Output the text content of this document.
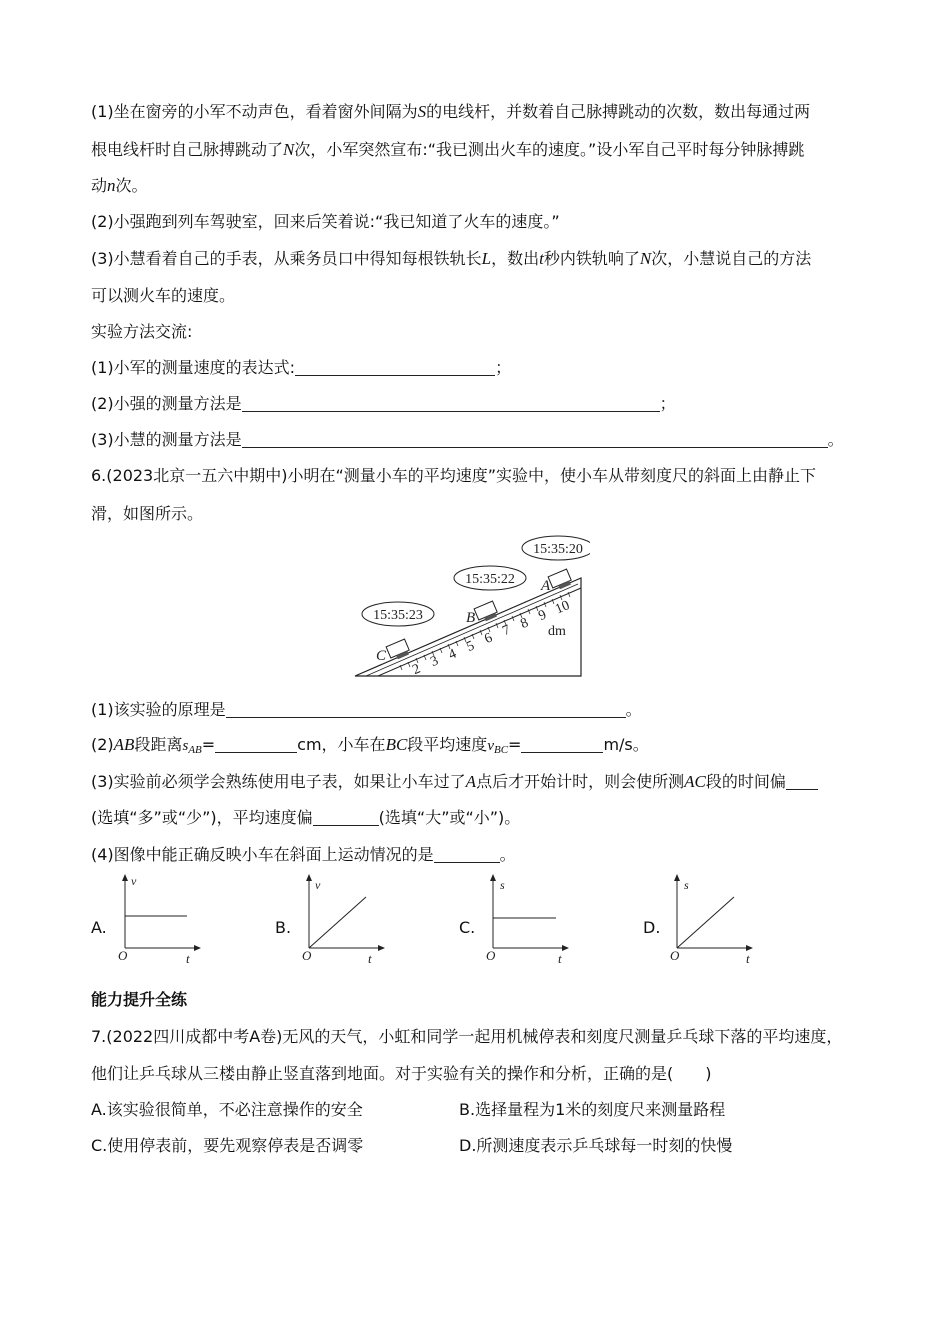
(1)坐在窗旁的小军不动声色，看着窗外间隔为S的电线杆，并数着自己脉搏跳动的次数，数出每通过两
根电线杆时自己脉搏跳动了N次，小军突然宣布:“我已测出火车的速度。”设小军自己平时每分钟脉搏跳
动n次。
(2)小强跑到列车驾驶室，回来后笑着说:“我已知道了火车的速度。”
(3)小慧看着自己的手表，从乘务员口中得知每根铁轨长L，数出t秒内铁轨响了N次，小慧说自己的方法
可以测火车的速度。
实验方法交流:
(1)小军的测量速度的表达式:	；
(2)小强的测量方法是	；
(3)小慧的测量方法是	。
6.(2023北京一五六中期中)小明在“测量小车的平均速度”实验中，使小车从带刻度尺的斜面上由静止下
滑，如图所示。
2 3 4 5 6 7 8 9 10
dm
C
B
A
15:35:20
15:35:22
15:35:23
(1)该实验的原理是	。
(2)AB段距离sAB=	cm，小车在BC段平均速度vBC=	m/s。
(3)实验前必须学会熟练使用电子表，如果让小车过了A点后才开始计时，则会使所测AC段的时间偏
(选填“多”或“少”)，平均速度偏	(选填“大”或“小”)。
(4)图像中能正确反映小车在斜面上运动情况的是	。
A.
v
O	t
B.
v
O	t
C.
s
O	t
D.
s
O	t
能力提升全练
7.(2022四川成都中考A卷)无风的天气，小虹和同学一起用机械停表和刻度尺测量乒乓球下落的平均速度，
他们让乒乓球从三楼由静止竖直落到地面。对于实验有关的操作和分析，正确的是(　　)
A.该实验很简单，不必注意操作的安全	B.选择量程为1米的刻度尺来测量路程
C.使用停表前，要先观察停表是否调零	D.所测速度表示乒乓球每一时刻的快慢
